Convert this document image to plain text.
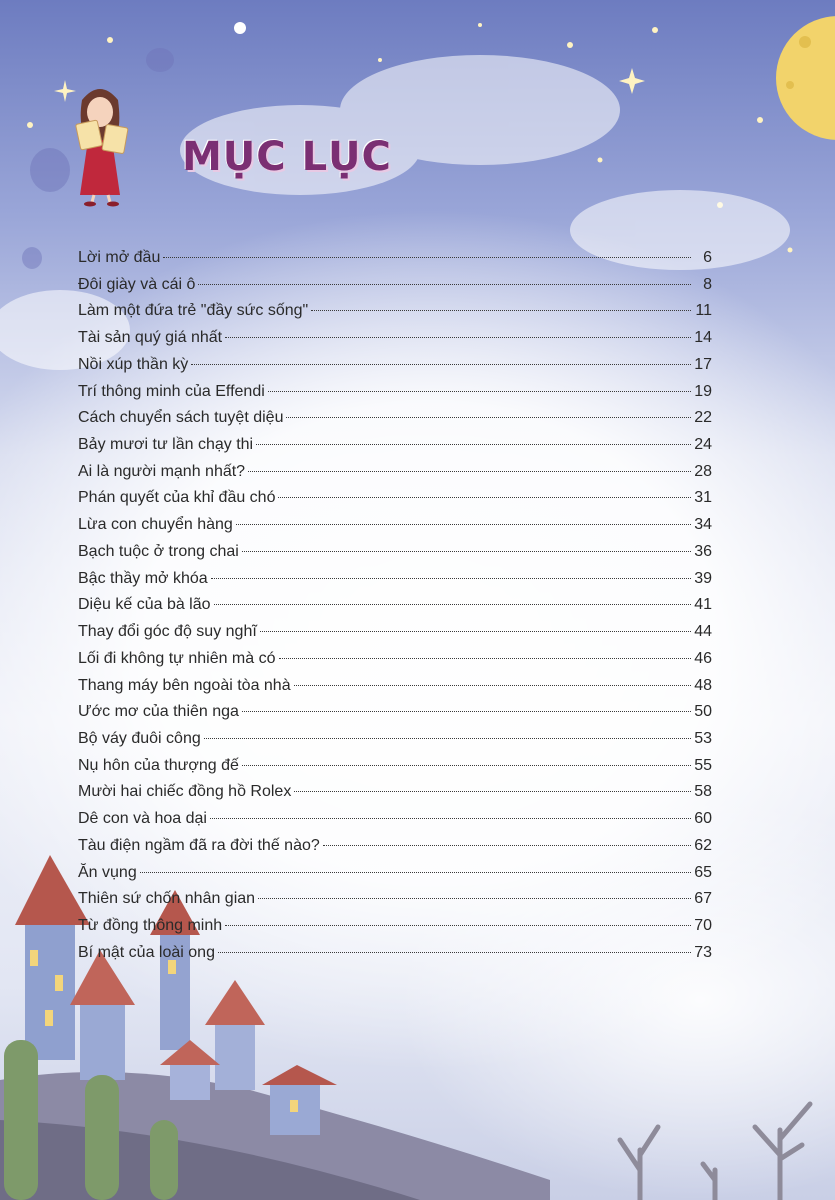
MỤC LỤC
Lời mở đầu	6
Đôi giày và cái ô	8
Làm một đứa trẻ "đầy sức sống"	11
Tài sản quý giá nhất	14
Nồi xúp thần kỳ	17
Trí thông minh của Effendi	19
Cách chuyển sách tuyệt diệu	22
Bảy mươi tư lần chạy thi	24
Ai là người mạnh nhất?	28
Phán quyết của khỉ đầu chó	31
Lừa con chuyển hàng	34
Bạch tuộc ở trong chai	36
Bậc thầy mở khóa	39
Diệu kế của bà lão	41
Thay đổi góc độ suy nghĩ	44
Lối đi không tự nhiên mà có	46
Thang máy bên ngoài tòa nhà	48
Ước mơ của thiên nga	50
Bộ váy đuôi công	53
Nụ hôn của thượng đế	55
Mười hai chiếc đồng hồ Rolex	58
Dê con và hoa dại	60
Tàu điện ngầm đã ra đời thế nào?	62
Ăn vụng	65
Thiên sứ chốn nhân gian	67
Từ đồng thông minh	70
Bí mật của loài ong	73
